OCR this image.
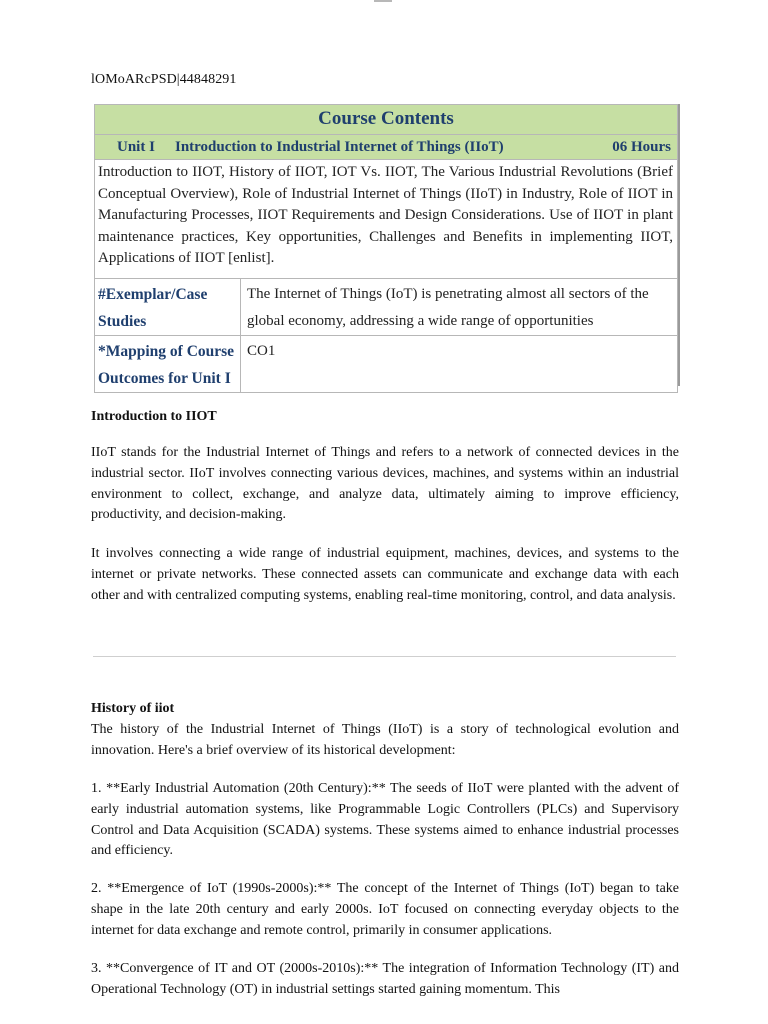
lOMoARcPSD|44848291
Course Contents	

Unit I Introduction to Industrial Internet of Things (IIoT) 06 Hours	

Introduction to IIOT, History of IIOT, IOT Vs. IIOT, The Various Industrial Revolutions (Brief Conceptual Overview), Role of Industrial Internet of Things (IIoT) in Industry, Role of IIOT in Manufacturing Processes, IIOT Requirements and Design Considerations. Use of IIOT in plant maintenance practices, Key opportunities, Challenges and Benefits in implementing IIOT, Applications of IIOT [enlist].	
#Exemplar/Case Studies	The Internet of Things (IoT) is penetrating almost all sectors of the global economy, addressing a wide range of opportunities
*Mapping of Course Outcomes for Unit I	CO1
Introduction to IIOT

IIoT stands for the Industrial Internet of Things and refers to a network of connected devices in the industrial sector. IIoT involves connecting various devices, machines, and systems within an industrial environment to collect, exchange, and analyze data, ultimately aiming to improve efficiency, productivity, and decision-making.

It involves connecting a wide range of industrial equipment, machines, devices, and systems to the internet or private networks. These connected assets can communicate and exchange data with each other and with centralized computing systems, enabling real-time monitoring, control, and data analysis.

History of iiot

The history of the Industrial Internet of Things (IIoT) is a story of technological evolution and innovation. Here's a brief overview of its historical development:

1. **Early Industrial Automation (20th Century):** The seeds of IIoT were planted with the advent of early industrial automation systems, like Programmable Logic Controllers (PLCs) and Supervisory Control and Data Acquisition (SCADA) systems. These systems aimed to enhance industrial processes and efficiency.

2. **Emergence of IoT (1990s-2000s):** The concept of the Internet of Things (IoT) began to take shape in the late 20th century and early 2000s. IoT focused on connecting everyday objects to the internet for data exchange and remote control, primarily in consumer applications.

3. **Convergence of IT and OT (2000s-2010s):** The integration of Information Technology (IT) and Operational Technology (OT) in industrial settings started gaining momentum. This
